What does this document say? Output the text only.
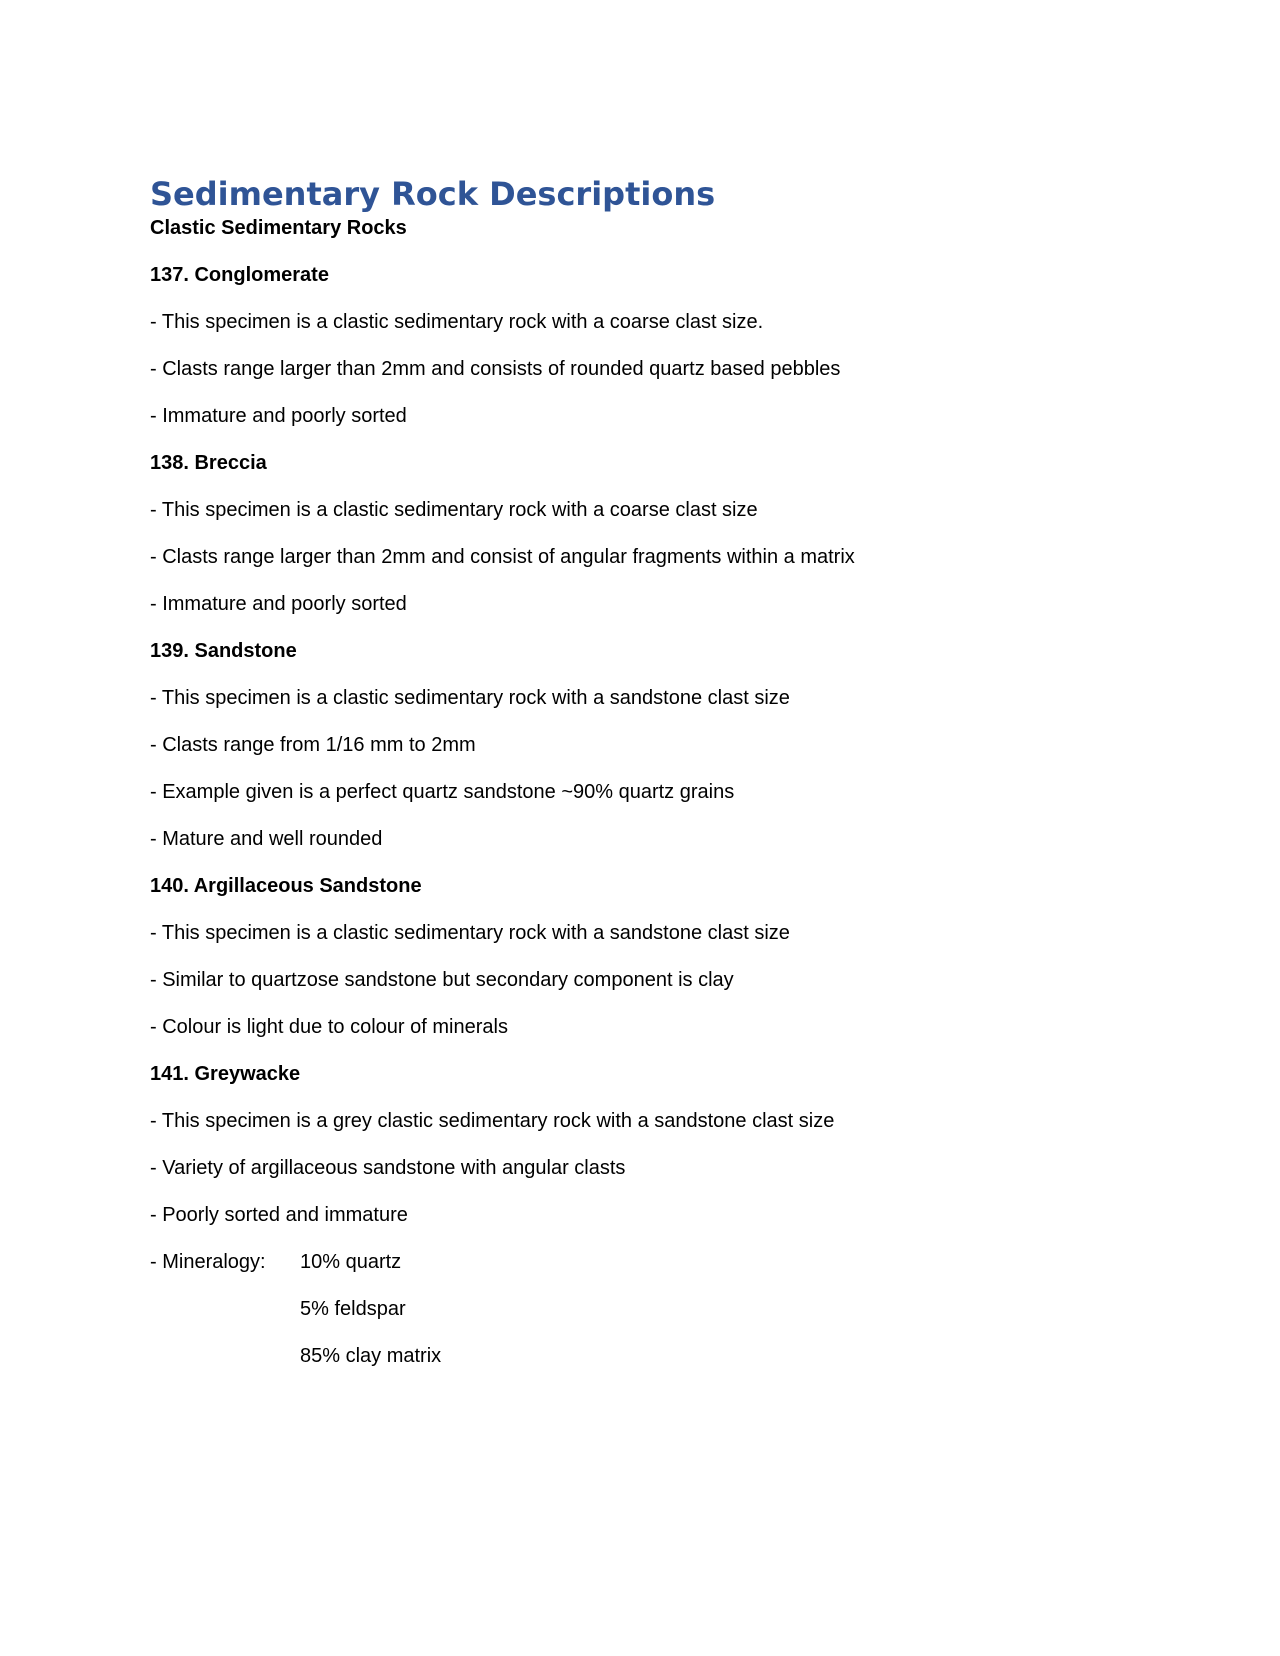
Sedimentary Rock Descriptions
Clastic Sedimentary Rocks
137. Conglomerate
- This specimen is a clastic sedimentary rock with a coarse clast size.
- Clasts range larger than 2mm and consists of rounded quartz based pebbles
- Immature and poorly sorted
138. Breccia
- This specimen is a clastic sedimentary rock with a coarse clast size
- Clasts range larger than 2mm and consist of angular fragments within a matrix
- Immature and poorly sorted
139. Sandstone
- This specimen is a clastic sedimentary rock with a sandstone clast size
- Clasts range from 1/16 mm to 2mm
- Example given is a perfect quartz sandstone ~90% quartz grains
- Mature and well rounded
140. Argillaceous Sandstone
- This specimen is a clastic sedimentary rock with a sandstone clast size
- Similar to quartzose sandstone but secondary component is clay
- Colour is light due to colour of minerals
141. Greywacke
- This specimen is a grey clastic sedimentary rock with a sandstone clast size
- Variety of argillaceous sandstone with angular clasts
- Poorly sorted and immature
- Mineralogy:	10% quartz
5% feldspar
85% clay matrix
